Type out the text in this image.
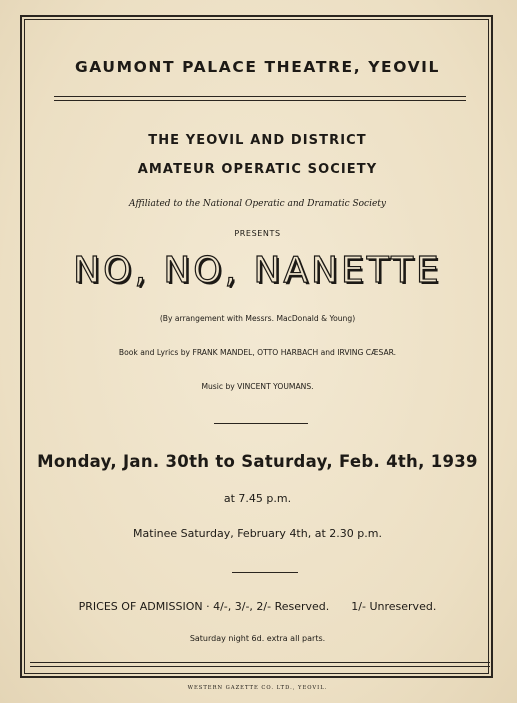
GAUMONT PALACE THEATRE, YEOVIL
THE YEOVIL AND DISTRICT
AMATEUR OPERATIC SOCIETY
Affiliated to the National Operatic and Dramatic Society
PRESENTS
NO, NO, NANETTE
(By arrangement with Messrs. MacDonald & Young)
Book and Lyrics by FRANK MANDEL, OTTO HARBACH and IRVING CÆSAR.
Music by VINCENT YOUMANS.
Monday, Jan. 30th to Saturday, Feb. 4th, 1939
at 7.45 p.m.
Matinee Saturday, February 4th, at 2.30 p.m.
PRICES OF ADMISSION · 4/-, 3/-, 2/- Reserved. 1/- Unreserved.
Saturday night 6d. extra all parts.
WESTERN GAZETTE CO. LTD., YEOVIL.
